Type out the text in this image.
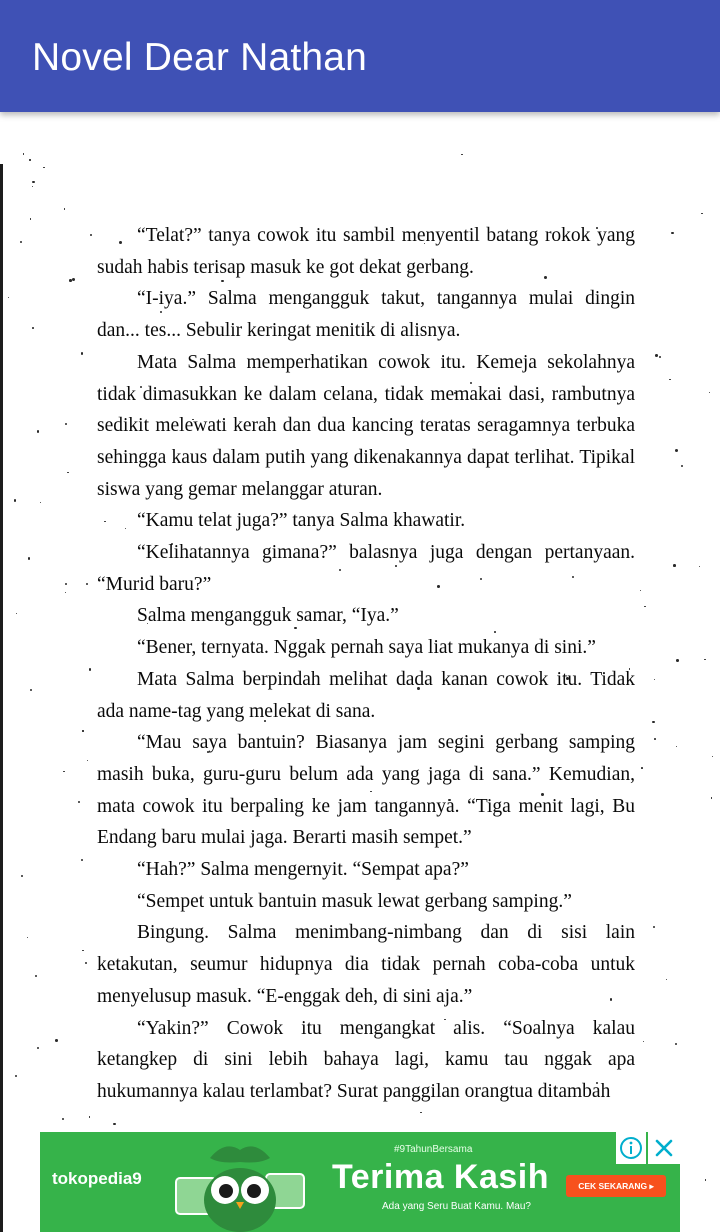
Novel Dear Nathan

“Telat?” tanya cowok itu sambil menyentil batang rokok yang sudah habis terisap masuk ke got dekat gerbang.

“I-iya.” Salma mengangguk takut, tangannya mulai dingin dan... tes... Sebulir keringat menitik di alisnya.

Mata Salma memperhatikan cowok itu. Kemeja sekolahnya tidak dimasukkan ke dalam celana, tidak memakai dasi, rambutnya sedikit melewati kerah dan dua kancing teratas seragamnya terbuka sehingga kaus dalam putih yang dikenakannya dapat terlihat. Tipikal siswa yang gemar melanggar aturan.

“Kamu telat juga?” tanya Salma khawatir.

“Kelihatannya gimana?” balasnya juga dengan pertanyaan. “Murid baru?”

Salma mengangguk samar, “Iya.”

“Bener, ternyata. Nggak pernah saya liat mukanya di sini.”

Mata Salma berpindah melihat dada kanan cowok itu. Tidak ada name-tag yang melekat di sana.

“Mau saya bantuin? Biasanya jam segini gerbang samping masih buka, guru-guru belum ada yang jaga di sana.” Kemudian, mata cowok itu berpaling ke jam tangannya. “Tiga menit lagi, Bu Endang baru mulai jaga. Berarti masih sempet.”

“Hah?” Salma mengernyit. “Sempat apa?”

“Sempet untuk bantuin masuk lewat gerbang samping.”

Bingung. Salma menimbang-nimbang dan di sisi lain ketakutan, seumur hidupnya dia tidak pernah coba-coba untuk menyelusup masuk. “E-enggak deh, di sini aja.”

“Yakin?” Cowok itu mengangkat alis. “Soalnya kalau ketangkep di sini lebih bahaya lagi, kamu tau nggak apa hukumannya kalau terlambat? Surat panggilan orangtua ditambah

tokopedia9
#9TahunBersama
Terima Kasih
Ada yang Seru Buat Kamu. Mau?
CEK SEKARANG ▸
